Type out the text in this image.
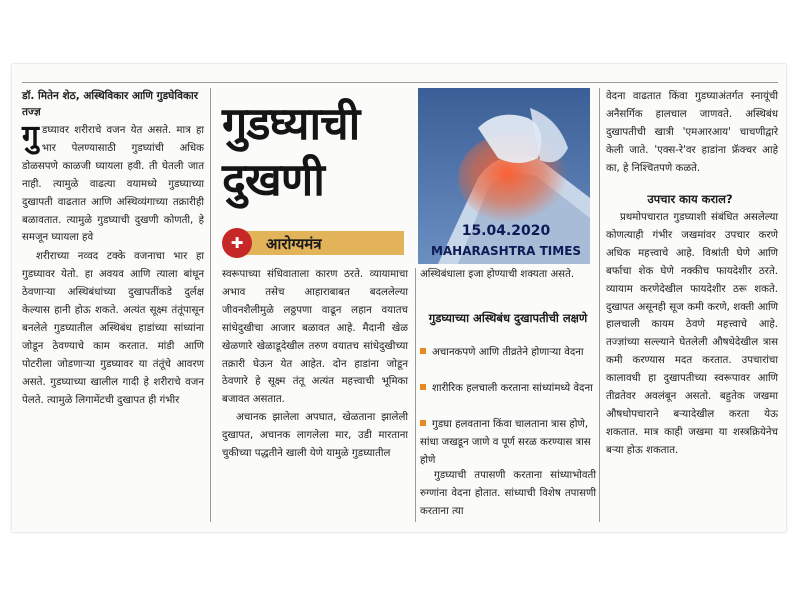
डॉ. मितेन शेठ, अस्थिविकार आणि गुडघेविकार तज्ज्ञ

गुडघ्यावर शरीराचे वजन येत असते. मात्र हा भार पेलण्यासाठी गुडघ्यांची अधिक डोळसपणे काळजी घ्यायला हवी. ती घेतली जात नाही. त्यामुळे वाढत्या वयामध्ये गुडघ्याच्या दुखापती वाढतात आणि अस्थिव्यंगाच्या तक्रारीही बळावतात. त्यामुळे गुडघ्याची दुखणी कोणती, हे समजून घ्यायला हवे

शरीराच्या नव्वद टक्के वजनाचा भार हा गुडघ्यावर येतो. हा अवयव आणि त्याला बांधून ठेवणाऱ्या अस्थिबंधांच्या दुखापतींकडे दुर्लक्ष केल्यास हानी होऊ शकते. अत्यंत सूक्ष्म तंतूंपासून बनलेले गुडघ्यातील अस्थिबंध हाडांच्या सांध्यांना जोडून ठेवण्याचे काम करतात. मांडी आणि पोटरीला जोडणाऱ्या गुडघ्यावर या तंतूंचे आवरण असते. गुडघ्याच्या खालील गादी हे शरीराचे वजन पेलते. त्यामुळे लिगामेंटची दुखापत ही गंभीर

गुडघ्याची
दुखणी
✚	आरोग्यमंत्र
15.04.2020
MAHARASHTRA TIMES

स्वरूपाच्या संधिवाताला कारण ठरते. व्यायामाचा अभाव तसेच आहाराबाबत बदललेल्या जीवनशैलीमुळे लठ्ठपणा वाढून लहान वयातच सांधेदुखीचा आजार बळावत आहे. मैदानी खेळ खेळणारे खेळाडूदेखील तरुण वयातच सांधेदुखीच्या तक्रारी घेऊन येत आहेत. दोन हाडांना जोडून ठेवणारे हे सूक्ष्म तंतू अत्यंत महत्त्वाची भूमिका बजावत असतात.

अचानक झालेला अपघात, खेळताना झालेली दुखापत, अचानक लागलेला मार, उडी मारताना चुकीच्या पद्धतीने खाली येणे यामुळे गुडघ्यातील

अस्थिबंधाला इजा होण्याची शक्यता असते.

गुडघ्याच्या अस्थिबंध दुखापतीची लक्षणे
अचानकपणे आणि तीव्रतेने होणाऱ्या वेदना
शारीरिक हलचाली करताना सांध्यांमध्ये वेदना
गुडघा हलवताना किंवा चालताना त्रास होणे, सांधा जखडून जाणे व पूर्ण सरळ करण्यास त्रास होणे

गुडघ्याची तपासणी करताना सांध्याभोवती रुग्णांना वेदना होतात. सांध्याची विशेष तपासणी करताना त्या

वेदना वाढतात किंवा गुडघ्याअंतर्गत स्नायूंची अनैसर्गिक हालचाल जाणवते. अस्थिबंध दुखापतीची खात्री 'एमआरआय' चाचणीद्वारे केली जाते. 'एक्स-रे'वर हाडांना फ्रॅक्चर आहे का, हे निश्चितपणे कळते.

उपचार काय कराल?

प्रथमोपचारात गुडघ्याशी संबंधित असलेल्या कोणत्याही गंभीर जखमांवर उपचार करणे अधिक महत्त्वाचे आहे. विश्रांती घेणे आणि बर्फाचा शेक घेणे नक्कीच फायदेशीर ठरते. व्यायाम करणेदेखील फायदेशीर ठरू शकते. दुखापत असूनही सूज कमी करणे, शक्ती आणि हालचाली कायम ठेवणे महत्त्वाचे आहे. तज्ज्ञांच्या सल्ल्याने घेतलेली औषधेदेखील त्रास कमी करण्यास मदत करतात. उपचारांचा कालावधी हा दुखापतीच्या स्वरूपावर आणि तीव्रतेवर अवलंबून असतो. बहुतेक जखमा औषधोपचाराने बऱ्यादेखील करता येऊ शकतात. मात्र काही जखमा या शस्त्रक्रियेनेच बऱ्या होऊ शकतात.
